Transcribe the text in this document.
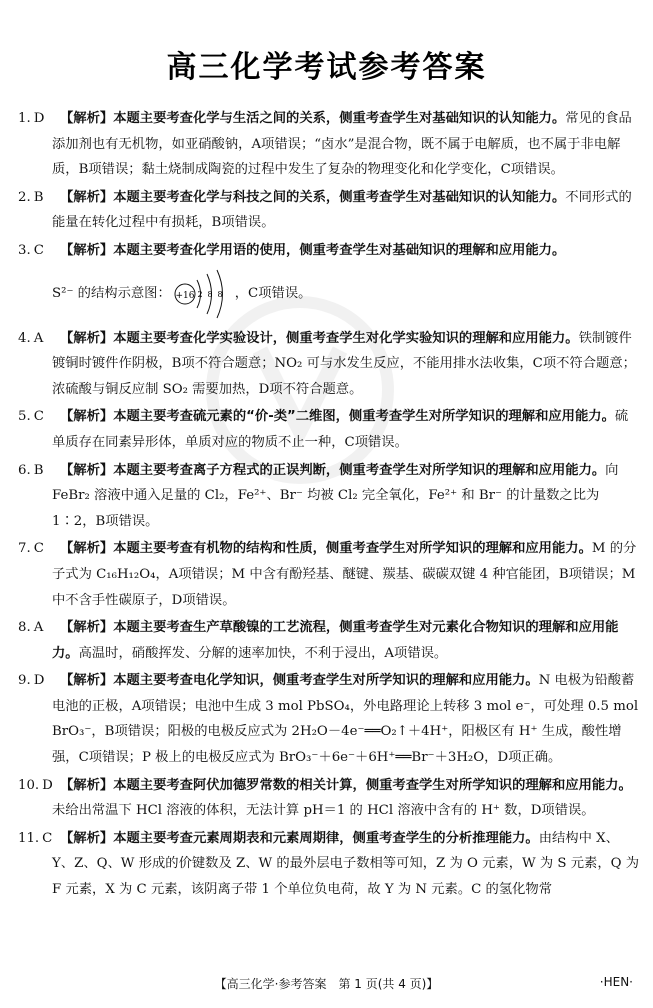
高三化学考试参考答案
1. D 【解析】本题主要考查化学与生活之间的关系，侧重考查学生对基础知识的认知能力。常见的食品添加剂也有无机物，如亚硝酸钠，A项错误；“卤水”是混合物，既不属于电解质，也不属于非电解质，B项错误；黏土烧制成陶瓷的过程中发生了复杂的物理变化和化学变化，C项错误。
2. B 【解析】本题主要考查化学与科技之间的关系，侧重考查学生对基础知识的认知能力。不同形式的能量在转化过程中有损耗，B项错误。
3. C 【解析】本题主要考查化学用语的使用，侧重考查学生对基础知识的理解和应用能力。
S²⁻ 的结构示意图： +16 2 8 8 ，C项错误。
4. A 【解析】本题主要考查化学实验设计，侧重考查学生对化学实验知识的理解和应用能力。铁制镀件镀铜时镀件作阴极，B项不符合题意；NO₂ 可与水发生反应，不能用排水法收集，C项不符合题意；浓硫酸与铜反应制 SO₂ 需要加热，D项不符合题意。
5. C 【解析】本题主要考查硫元素的“价-类”二维图，侧重考查学生对所学知识的理解和应用能力。硫单质存在同素异形体，单质对应的物质不止一种，C项错误。
6. B 【解析】本题主要考查离子方程式的正误判断，侧重考查学生对所学知识的理解和应用能力。向 FeBr₂ 溶液中通入足量的 Cl₂，Fe²⁺、Br⁻ 均被 Cl₂ 完全氧化，Fe²⁺ 和 Br⁻ 的计量数之比为 1∶2，B项错误。
7. C 【解析】本题主要考查有机物的结构和性质，侧重考查学生对所学知识的理解和应用能力。M 的分子式为 C₁₆H₁₂O₄，A项错误；M 中含有酚羟基、醚键、羰基、碳碳双键 4 种官能团，B项错误；M 中不含手性碳原子，D项错误。
8. A 【解析】本题主要考查生产草酸镍的工艺流程，侧重考查学生对元素化合物知识的理解和应用能力。高温时，硝酸挥发、分解的速率加快，不利于浸出，A项错误。
9. D 【解析】本题主要考查电化学知识，侧重考查学生对所学知识的理解和应用能力。N 电极为铅酸蓄电池的正极，A项错误；电池中生成 3 mol PbSO₄，外电路理论上转移 3 mol e⁻，可处理 0.5 mol BrO₃⁻，B项错误；阳极的电极反应式为 2H₂O－4e⁻══O₂↑＋4H⁺，阳极区有 H⁺ 生成，酸性增强，C项错误；P 极上的电极反应式为 BrO₃⁻＋6e⁻＋6H⁺══Br⁻＋3H₂O，D项正确。
10. D 【解析】本题主要考查阿伏加德罗常数的相关计算，侧重考查学生对所学知识的理解和应用能力。未给出常温下 HCl 溶液的体积，无法计算 pH＝1 的 HCl 溶液中含有的 H⁺ 数，D项错误。
11. C 【解析】本题主要考查元素周期表和元素周期律，侧重考查学生的分析推理能力。由结构中 X、Y、Z、Q、W 形成的价键数及 Z、W 的最外层电子数相等可知，Z 为 O 元素，W 为 S 元素，Q 为 F 元素，X 为 C 元素，该阴离子带 1 个单位负电荷，故 Y 为 N 元素。C 的氢化物常
【高三化学·参考答案　第 1 页(共 4 页)】	·HEN·
